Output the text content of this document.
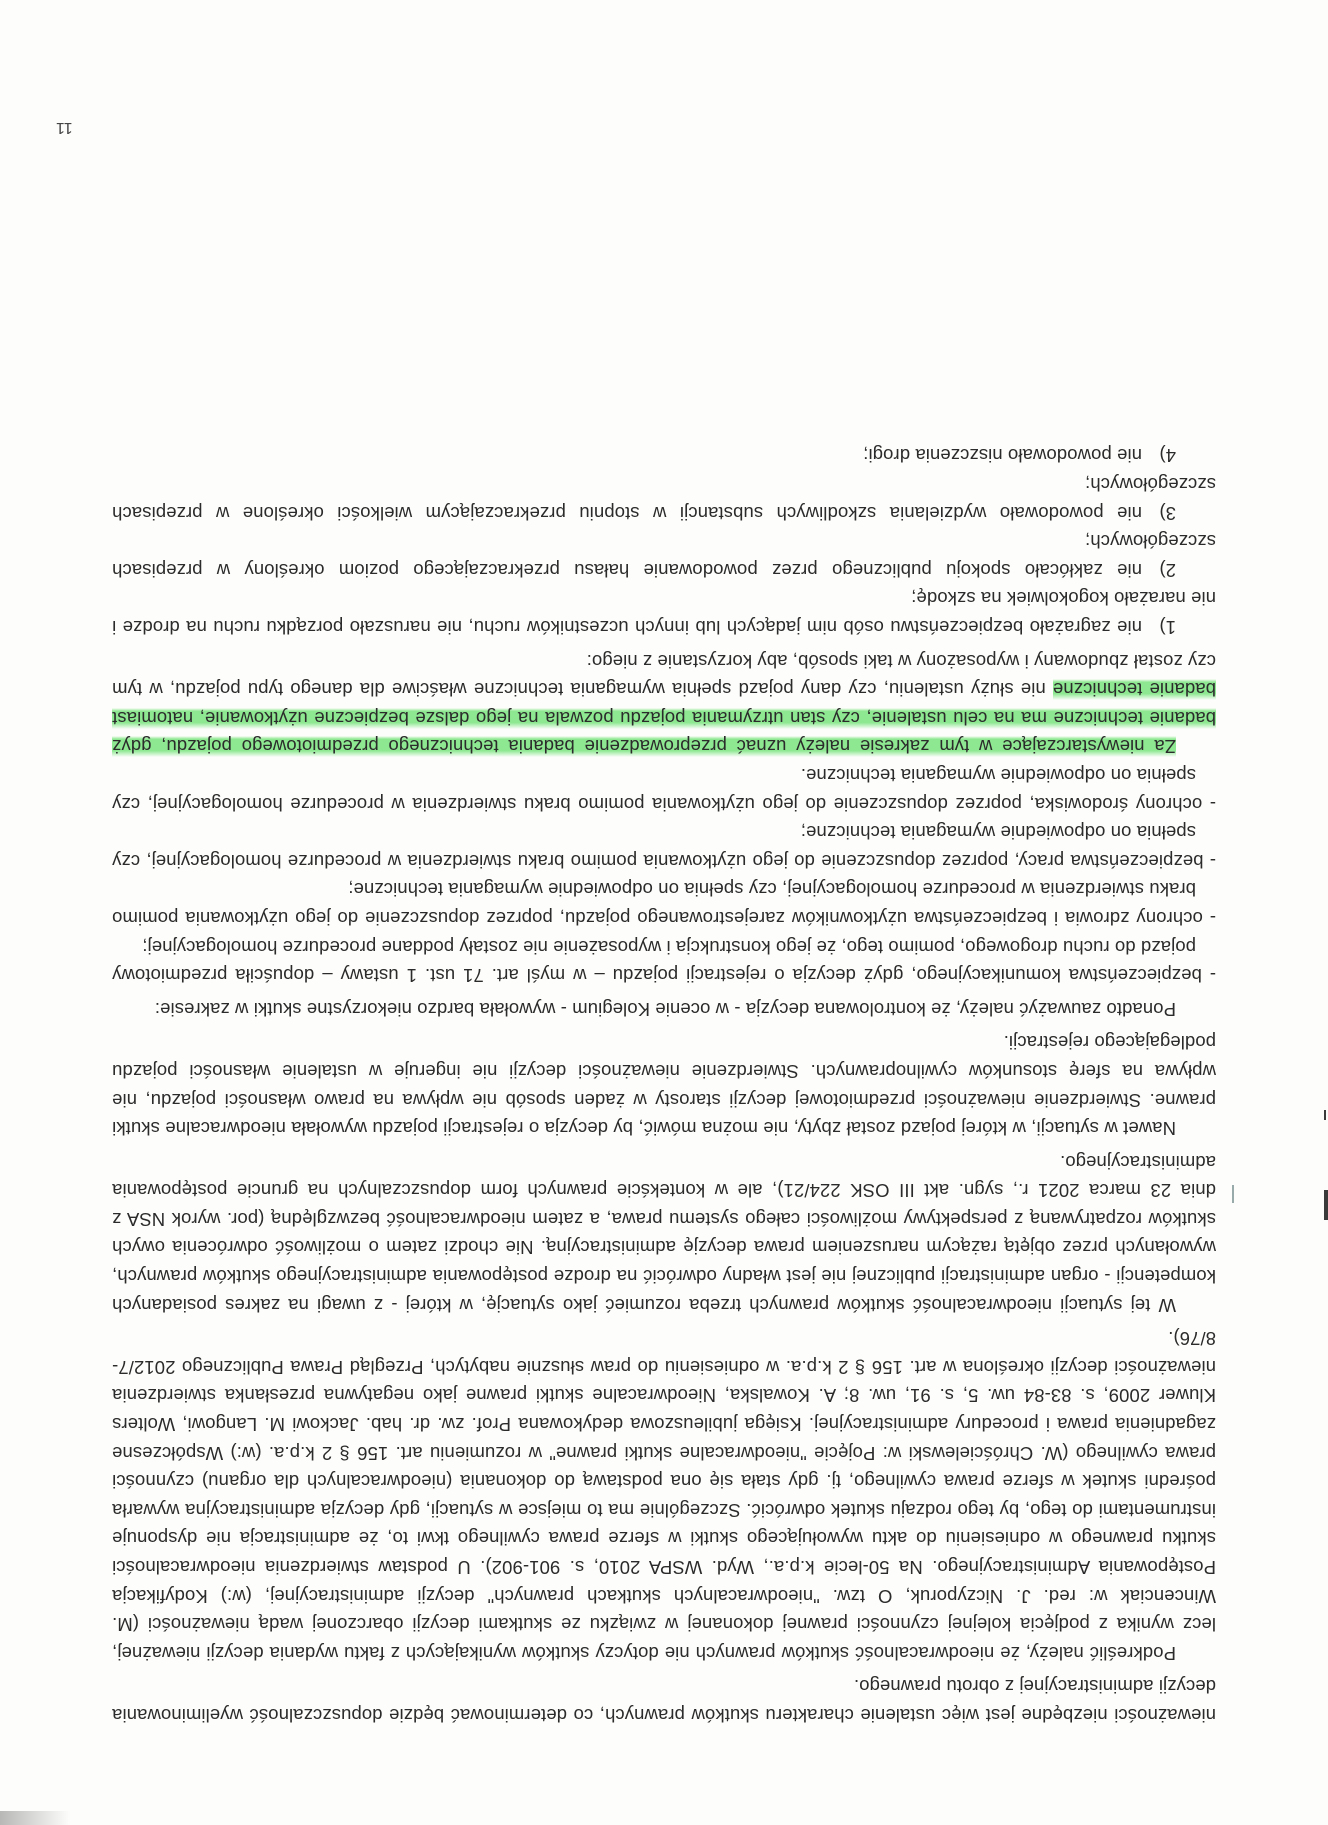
nieważności niezbędne jest więc ustalenie charakteru skutków prawnych, co determinować będzie dopuszczalność wyeliminowania decyzji administracyjnej z obrotu prawnego.

Podkreślić należy, że nieodwracalność skutków prawnych nie dotyczy skutków wynikających z faktu wydania decyzji nieważnej, lecz wynika z podjęcia kolejnej czynności prawnej dokonanej w związku ze skutkami decyzji obarczonej wadą nieważności (M. Wincenciak w: red. J. Niczyporuk, O tzw. "nieodwracalnych skutkach prawnych" decyzji administracyjnej, (w:) Kodyfikacja Postępowania Administracyjnego. Na 50-lecie k.p.a., Wyd. WSPA 2010, s. 901-902). U podstaw stwierdzenia nieodwracalności skutku prawnego w odniesieniu do aktu wywołującego skutki w sferze prawa cywilnego tkwi to, że administracja nie dysponuje instrumentami do tego, by tego rodzaju skutek odwrócić. Szczególnie ma to miejsce w sytuacji, gdy decyzja administracyjna wywarła pośredni skutek w sferze prawa cywilnego, tj. gdy stała się ona podstawą do dokonania (nieodwracalnych dla organu) czynności prawa cywilnego (W. Chróścielewski w: Pojęcie "nieodwracalne skutki prawne" w rozumieniu art. 156 § 2 k.p.a. (w:) Współczesne zagadnienia prawa i procedury administracyjnej. Księga jubileuszowa dedykowana Prof. zw. dr. hab. Jackowi M. Langowi, Wolters Kluwer 2009, s. 83-84 uw. 5, s. 91, uw. 8; A. Kowalska, Nieodwracalne skutki prawne jako negatywna przesłanka stwierdzenia nieważności decyzji określona w art. 156 § 2 k.p.a. w odniesieniu do praw słusznie nabytych, Przegląd Prawa Publicznego 2012/7-8/76).

W tej sytuacji nieodwracalność skutków prawnych trzeba rozumieć jako sytuację, w której - z uwagi na zakres posiadanych kompetencji - organ administracji publicznej nie jest władny odwrócić na drodze postępowania administracyjnego skutków prawnych, wywołanych przez objętą rażącym naruszeniem prawa decyzję administracyjną. Nie chodzi zatem o możliwość odwrócenia owych skutków rozpatrywaną z perspektywy możliwości całego systemu prawa, a zatem nieodwracalność bezwzględną (por. wyrok NSA z dnia 23 marca 2021 r., sygn. akt III OSK 224/21), ale w kontekście prawnych form dopuszczalnych na gruncie postępowania administracyjnego.

Nawet w sytuacji, w której pojazd został zbyty, nie można mówić, by decyzja o rejestracji pojazdu wywołała nieodwracalne skutki prawne. Stwierdzenie nieważności przedmiotowej decyzji starosty w żaden sposób nie wpływa na prawo własności pojazdu, nie wpływa na sferę stosunków cywilnoprawnych. Stwierdzenie nieważności decyzji nie ingeruje w ustalenie własności pojazdu podlegającego rejestracji.

Ponadto zauważyć należy, że kontrolowana decyzja - w ocenie Kolegium - wywołała bardzo niekorzystne skutki w zakresie:

- bezpieczeństwa komunikacyjnego, gdyż decyzja o rejestracji pojazdu – w myśl art. 71 ust. 1 ustawy – dopuściła przedmiotowy pojazd do ruchu drogowego, pomimo tego, że jego konstrukcja i wyposażenie nie zostały poddane procedurze homologacyjnej;

- ochrony zdrowia i bezpieczeństwa użytkowników zarejestrowanego pojazdu, poprzez dopuszczenie do jego użytkowania pomimo braku stwierdzenia w procedurze homologacyjnej, czy spełnia on odpowiednie wymagania techniczne;

- bezpieczeństwa pracy, poprzez dopuszczenie do jego użytkowania pomimo braku stwierdzenia w procedurze homologacyjnej, czy spełnia on odpowiednie wymagania techniczne;

- ochrony środowiska, poprzez dopuszczenie do jego użytkowania pomimo braku stwierdzenia w procedurze homologacyjnej, czy spełnia on odpowiednie wymagania techniczne.

Za niewystarczające w tym zakresie należy uznać przeprowadzenie badania technicznego przedmiotowego pojazdu, gdyż badanie techniczne ma na celu ustalenie, czy stan utrzymania pojazdu pozwala na jego dalsze bezpieczne użytkowanie, natomiast badanie techniczne nie służy ustaleniu, czy dany pojazd spełnia wymagania techniczne właściwe dla danego typu pojazdu, w tym czy został zbudowany i wyposażony w taki sposób, aby korzystanie z niego:

1)nie zagrażało bezpieczeństwu osób nim jadących lub innych uczestników ruchu, nie naruszało porządku ruchu na drodze i nie narażało kogokolwiek na szkodę;

2)nie zakłócało spokoju publicznego przez powodowanie hałasu przekraczającego poziom określony w przepisach szczegółowych;

3)nie powodowało wydzielania szkodliwych substancji w stopniu przekraczającym wielkości określone w przepisach szczegółowych;

4)nie powodowało niszczenia drogi;

11
